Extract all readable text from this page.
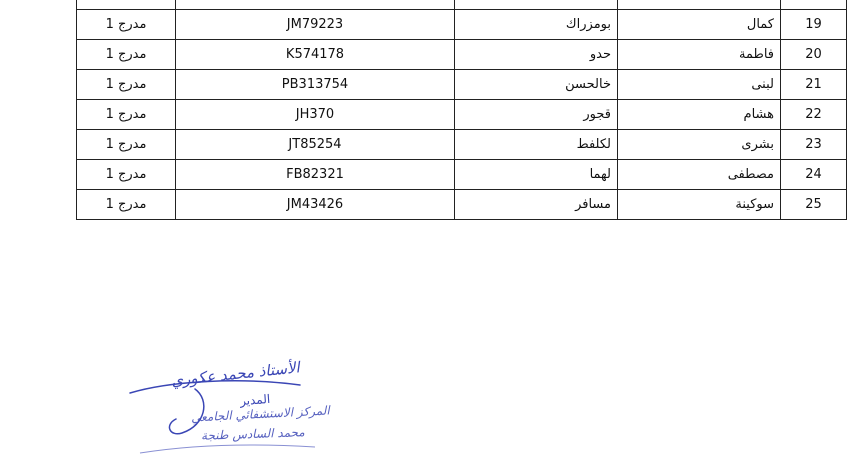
مدرج 1	JM79223	بومزراك	كمال	19
مدرج 1	K574178	حدو	فاطمة	20
مدرج 1	PB313754	خالحسن	لبنى	21
مدرج 1	JH370	قجور	هشام	22
مدرج 1	JT85254	لكلفط	بشرى	23
مدرج 1	FB82321	لهما	مصطفى	24
مدرج 1	JM43426	مسافر	سوكينة	25
الأستاذ محمد عكوري
المدير
المركز الاستشفائي الجامعي
محمد السادس طنجة
